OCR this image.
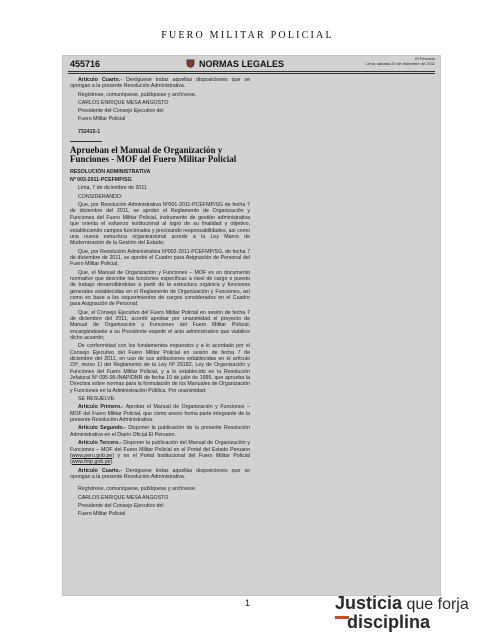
FUERO MILITAR POLICIAL
455716	NORMAS LEGALES
El Peruano
Lima, sábado 24 de diciembre de 2011

Artículo Cuarto.- Deróguese todas aquellas disposiciones que se opongan a la presente Resolución Administrativa.

Regístrese, comuníquese, publíquese y archívese.

CARLOS ENRIQUE MESA ANGOSTO

Presidente del Consejo Ejecutivo del

Fuero Militar Policial

732415-1

Aprueban el Manual de Organización y Funciones - MOF del Fuero Militar Policial

RESOLUCIÓN ADMINISTRATIVA

Nº 003-2011-PCEFMP/SG

Lima, 7 de diciembre de 2011

CONSIDERANDO:

Que, por Resolución Administrativa Nº001-2011-PCEFMP/SG de fecha 7 de diciembre del 2011, se aprobó el Reglamento de Organización y Funciones del Fuero Militar Policial, instrumento de gestión administrativa que orienta el esfuerzo institucional al logro de su finalidad y objetivo, estableciendo campos funcionales y precisando responsabilidades, así como una nueva estructura organizacional acorde a la Ley Marco de Modernización de la Gestión del Estado;

Que, por Resolución Administrativa Nº002-2011-PCEFMP/SG, de fecha 7 de diciembre de 2011, se aprobó el Cuadro para Asignación de Personal del Fuero Militar Policial;

Que, el Manual de Organización y Funciones – MOF es un documento normativo que describe las funciones específicas a nivel de cargo o puesto de trabajo desarrollándolas a partir de la estructura orgánica y funciones generales establecidas en el Reglamento de Organización y Funciones, así como en base a los requerimientos de cargos considerados en el Cuadro para Asignación de Personal;

Que, el Consejo Ejecutivo del Fuero Militar Policial en sesión de fecha 7 de diciembre del 2011, acordó aprobar por unanimidad el proyecto de Manual de Organización y Funciones del Fuero Militar Policial, encargándosele a su Presidente expedir el acto administrativo que viabilice dicho acuerdo;

De conformidad con los fundamentos expuestos y a lo acordado por el Consejo Ejecutivo del Fuero Militar Policial en sesión de fecha 7 de diciembre del 2011, en uso de sus atribuciones establecidas en el artículo 23º, inciso 1) del Reglamento de la Ley Nº 29182, Ley de Organización y Funciones del Fuero Militar Policial, y a lo establecido en la Resolución Jefatural Nº 095-95-INAP/DNR de fecha 10 de julio de 1995, que aprueba la Directiva sobre normas para la formulación de los Manuales de Organización y Funciones en la Administración Pública. Por unanimidad;

SE RESUELVE:

Artículo Primero.- Aprobar el Manual de Organización y Funciones – MOF del Fuero Militar Policial, que como anexo forma parte integrante de la presente Resolución Administrativa.

Artículo Segundo.- Disponer la publicación de la presente Resolución Administrativa en el Diario Oficial El Peruano.

Artículo Tercero.- Disponer la publicación del Manual de Organización y Funciones – MOF del Fuero Militar Policial en el Portal del Estado Peruano (www.peru.gob.pe) y en el Portal Institucional del Fuero Militar Policial (www.fmp.gob.pe).

Artículo Cuarto.- Deróguese todas aquellas disposiciones que se opongan a la presente Resolución Administrativa.

Regístrese, comuníquese, publíquese y archívese.

CARLOS ENRIQUE MESA ANGOSTO

Presidente del Consejo Ejecutivo del

Fuero Militar Policial

1	Justicia que forja
disciplina
